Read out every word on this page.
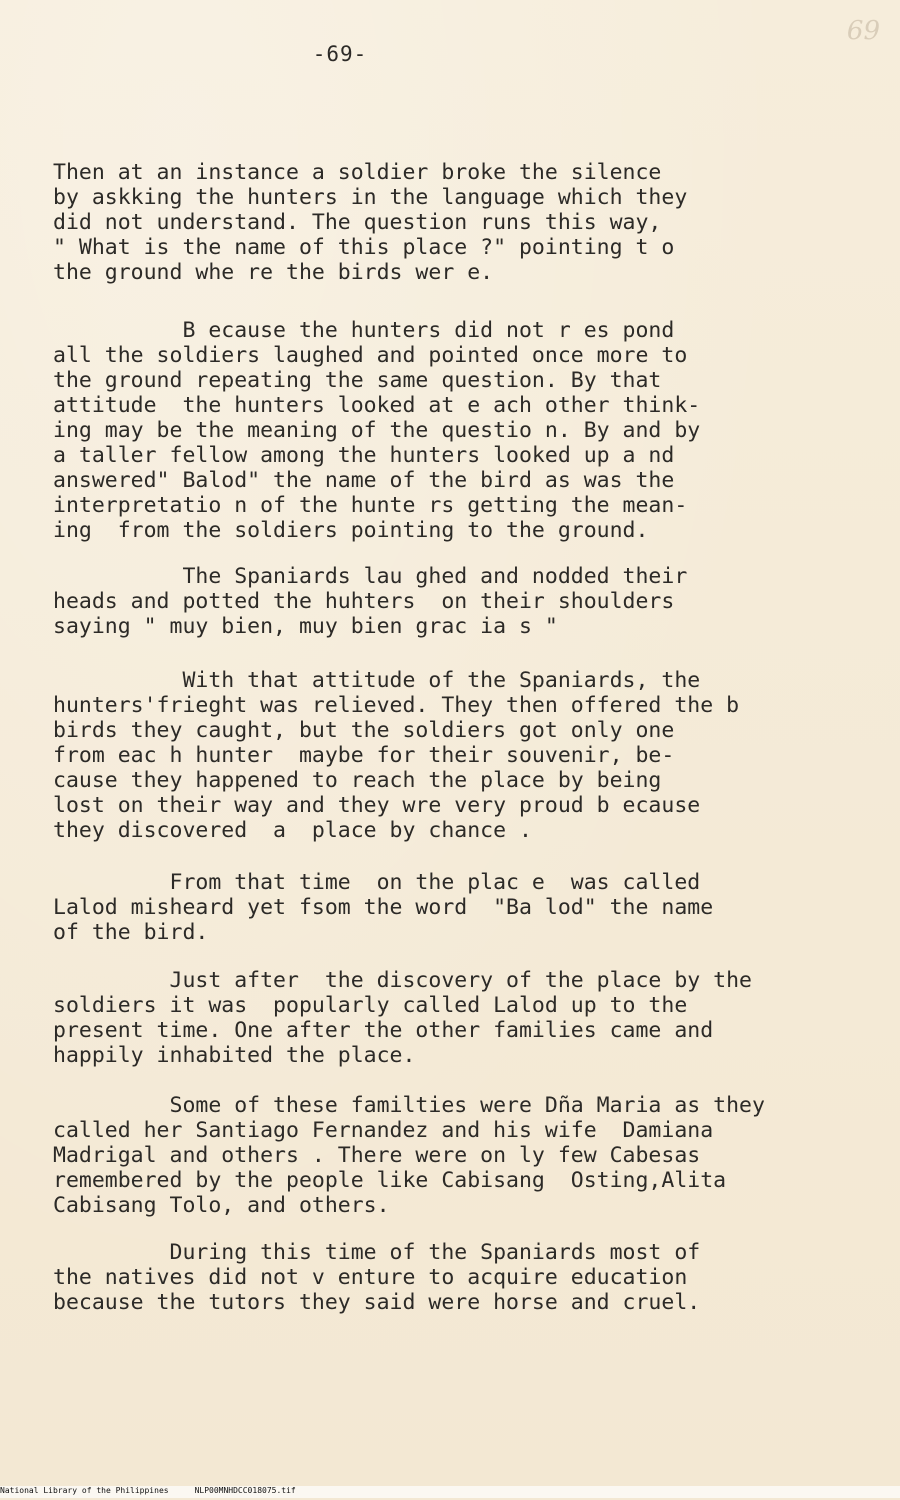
69
-69-
Then at an instance a soldier broke the silence
by askking the hunters in the language which they
did not understand. The question runs this way,
" What is the name of this place ?" pointing t o
the ground whe re the birds wer e.
B ecause the hunters did not r es pond
all the soldiers laughed and pointed once more to
the ground repeating the same question. By that
attitude  the hunters looked at e ach other think-
ing may be the meaning of the questio n. By and by
a taller fellow among the hunters looked up a nd
answered" Balod" the name of the bird as was the
interpretatio n of the hunte rs getting the mean-
ing  from the soldiers pointing to the ground.
The Spaniards lau ghed and nodded their
heads and potted the huhters  on their shoulders
saying " muy bien, muy bien grac ia s "
With that attitude of the Spaniards, the
hunters'frieght was relieved. They then offered the b
birds they caught, but the soldiers got only one
from eac h hunter  maybe for their souvenir, be-
cause they happened to reach the place by being
lost on their way and they wre very proud b ecause
they discovered  a  place by chance .
From that time  on the plac e  was called
Lalod misheard yet fsom the word  "Ba lod" the name
of the bird.
Just after  the discovery of the place by the
soldiers it was  popularly called Lalod up to the
present time. One after the other families came and
happily inhabited the place.
Some of these familties were Dña Maria as they
called her Santiago Fernandez and his wife  Damiana
Madrigal and others . There were on ly few Cabesas
remembered by the people like Cabisang  Osting,Alita
Cabisang Tolo, and others.
During this time of the Spaniards most of
the natives did not v enture to acquire education
because the tutors they said were horse and cruel.
National Library of the Philippines	NLP00MNHDCC018075.tif
